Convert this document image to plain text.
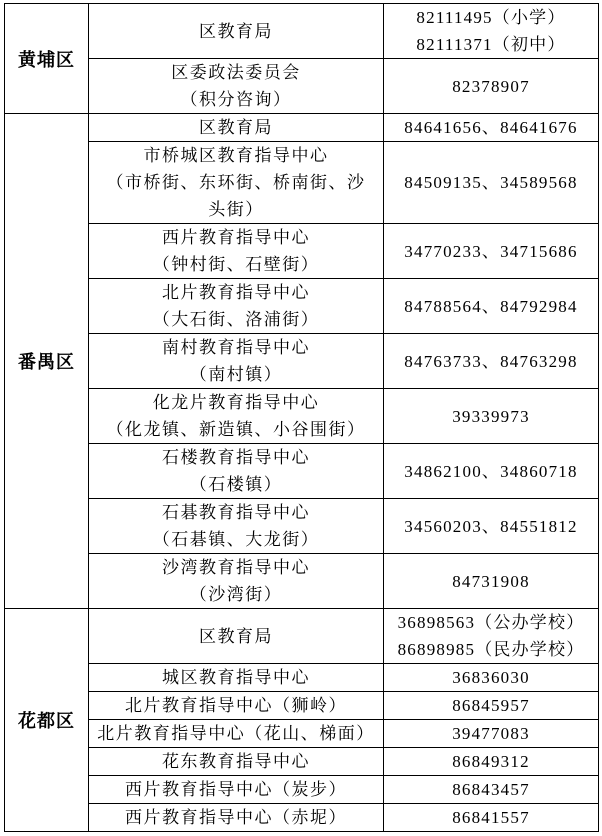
黄埔区	区教育局	82111495（小学）
82111371（初中）

	区委政法委员会
（积分咨询）	82378907

番禺区	区教育局	84641656、84641676

	市桥城区教育指导中心
（市桥街、东环街、桥南街、沙
头街）	84509135、34589568

	西片教育指导中心
（钟村街、石壁街）	34770233、34715686

	北片教育指导中心
（大石街、洛浦街）	84788564、84792984

	南村教育指导中心
（南村镇）	84763733、84763298

	化龙片教育指导中心
（化龙镇、新造镇、小谷围街）	39339973

	石楼教育指导中心
（石楼镇）	34862100、34860718

	石碁教育指导中心
（石碁镇、大龙街）	34560203、84551812

	沙湾教育指导中心
（沙湾街）	84731908

花都区	区教育局	36898563（公办学校）
86898985（民办学校）

	城区教育指导中心	36836030

	北片教育指导中心（狮岭）	86845957

	北片教育指导中心（花山、梯面）	39477083

	花东教育指导中心	86849312

	西片教育指导中心（炭步）	86843457

	西片教育指导中心（赤坭）	86841557
